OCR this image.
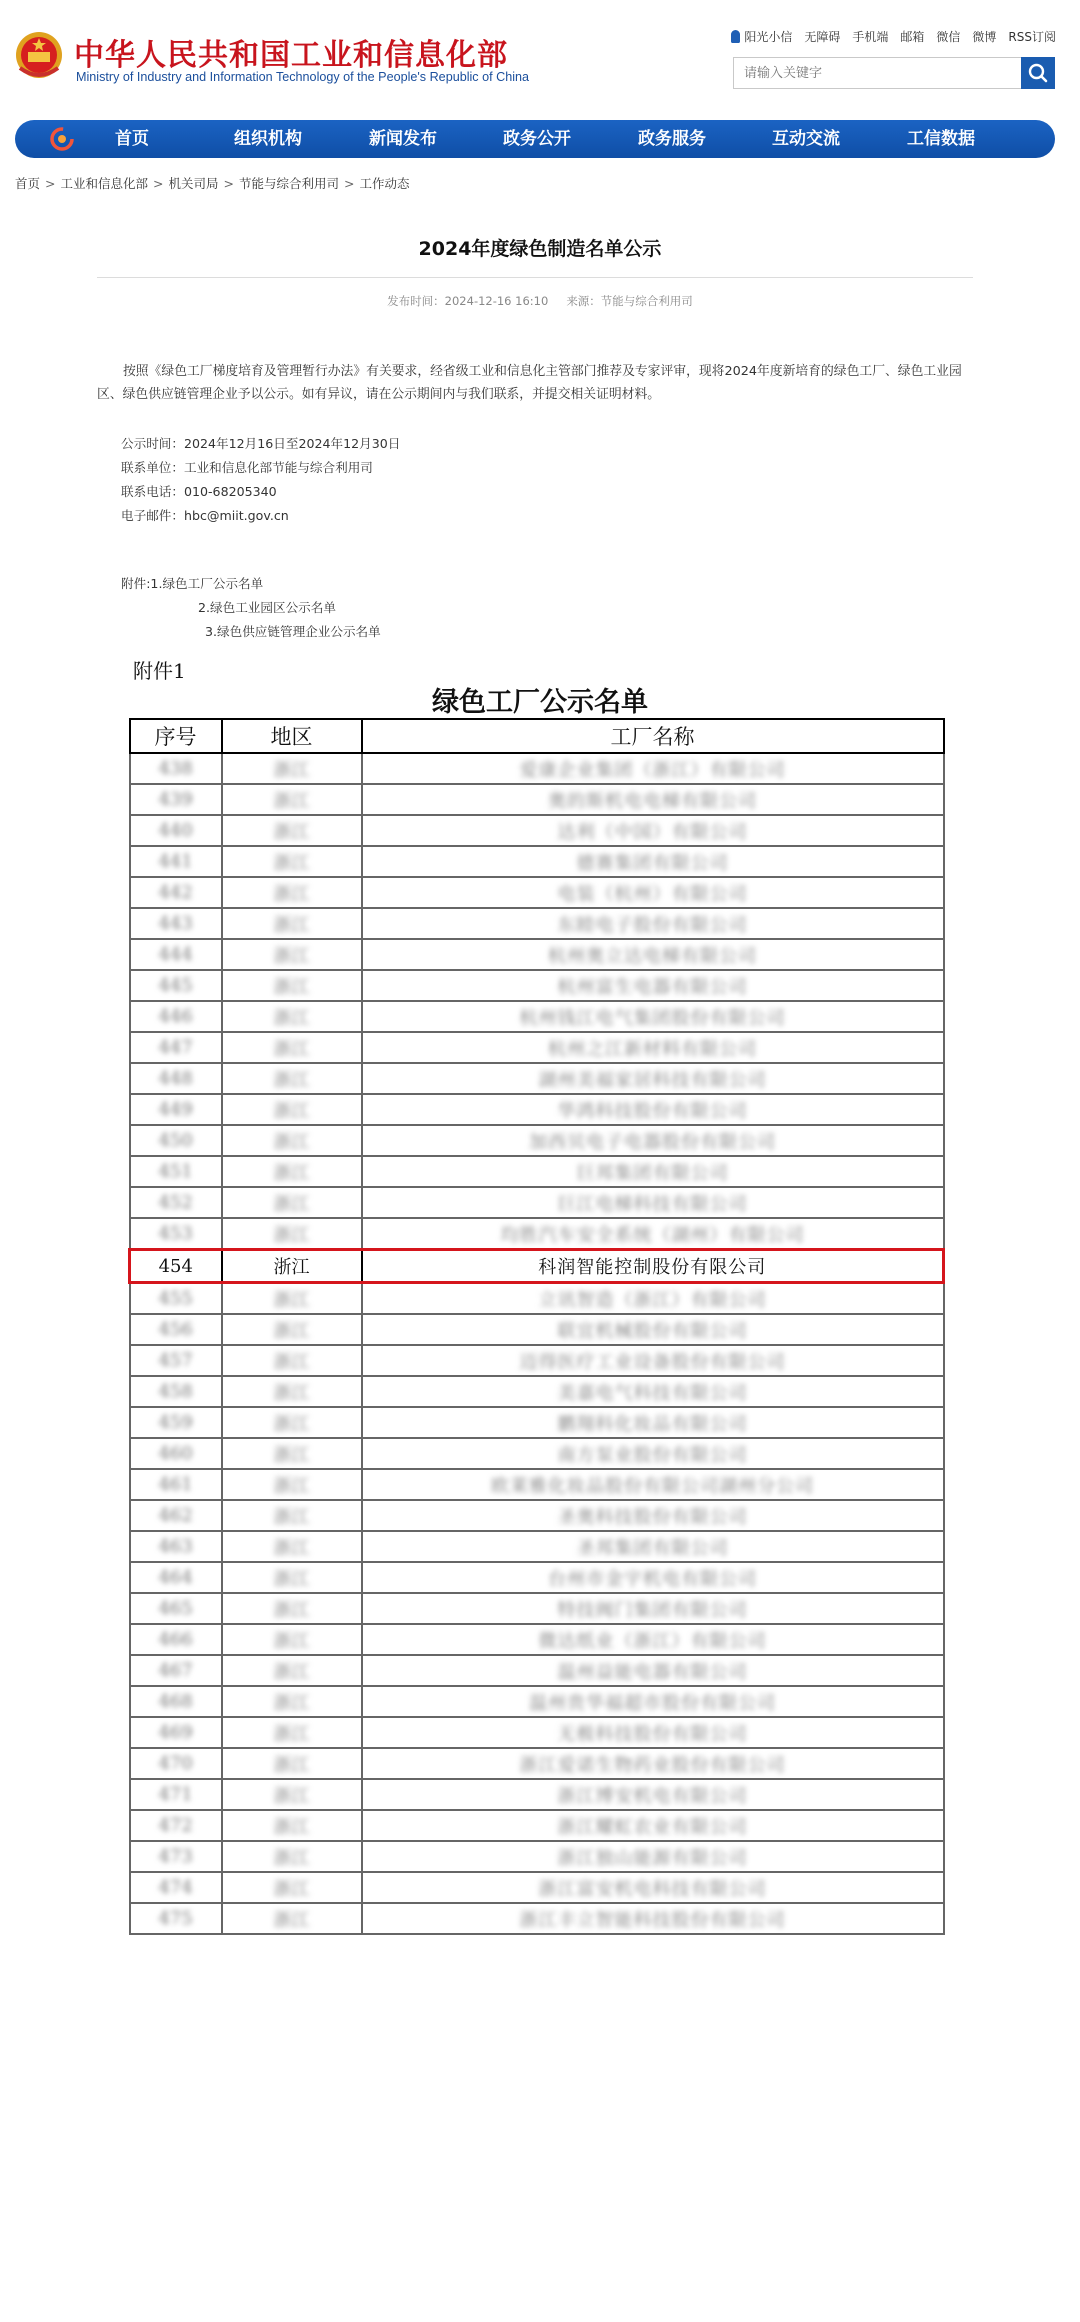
中华人民共和国工业和信息化部
Ministry of Industry and Information Technology of the People's Republic of China
阳光小信 无障碍 手机端 邮箱 微信 微博 RSS订阅
请输入关键字
首页	组织机构	新闻发布	政务公开	政务服务	互动交流	工信数据
首页 > 工业和信息化部 > 机关司局 > 节能与综合利用司 > 工作动态
2024年度绿色制造名单公示
发布时间：2024-12-16 16:10 来源：节能与综合利用司
按照《绿色工厂梯度培育及管理暂行办法》有关要求，经省级工业和信息化主管部门推荐及专家评审，现将2024年度新培育的绿色工厂、绿色工业园区、绿色供应链管理企业予以公示。如有异议，请在公示期间内与我们联系，并提交相关证明材料。
公示时间：2024年12月16日至2024年12月30日
联系单位：工业和信息化部节能与综合利用司
联系电话：010-68205340
电子邮件：hbc@miit.gov.cn
附件:1.绿色工厂公示名单
2.绿色工业园区公示名单
3.绿色供应链管理企业公示名单
附件1
绿色工厂公示名单
序号	地区	工厂名称
438	浙江	爱康企业集团（浙江）有限公司
439	浙江	奥的斯机电电梯有限公司
440	浙江	达利（中国）有限公司
441	浙江	德赛集团有限公司
442	浙江	电装（杭州）有限公司
443	浙江	东睦电子股份有限公司
444	浙江	杭州奥立达电梯有限公司
445	浙江	杭州富生电器有限公司
446	浙江	杭州钱江电气集团股份有限公司
447	浙江	杭州之江新材料有限公司
448	浙江	湖州美福家居科技有限公司
449	浙江	华鸿科技股份有限公司
450	浙江	加西贝电子电器股份有限公司
451	浙江	巨邦集团有限公司
452	浙江	巨江电梯科技有限公司
453	浙江	均胜汽车安全系统（湖州）有限公司
454	浙江	科润智能控制股份有限公司
455	浙江	立讯智造（浙江）有限公司
456	浙江	联宜机械股份有限公司
457	浙江	迈得医疗工业设备股份有限公司
458	浙江	美嘉电气科技有限公司
459	浙江	鹏翔科化妆品有限公司
460	浙江	南方泵业股份有限公司
461	浙江	欧莱雅化妆品股份有限公司湖州分公司
462	浙江	圣奥科技股份有限公司
463	浙江	圣邦集团有限公司
464	浙江	台州市金宇机电有限公司
465	浙江	特技阀门集团有限公司
466	浙江	微达纸业（浙江）有限公司
467	浙江	温州益能电器有限公司
468	浙江	温州贵华福超市股份有限公司
469	浙江	无极科技股份有限公司
470	浙江	浙江爱诺生物药业股份有限公司
471	浙江	浙江博安机电有限公司
472	浙江	浙江耀虹农业有限公司
473	浙江	浙江独山能源有限公司
474	浙江	浙江富安机电科技有限公司
475	浙江	浙江丰立智能科技股份有限公司
